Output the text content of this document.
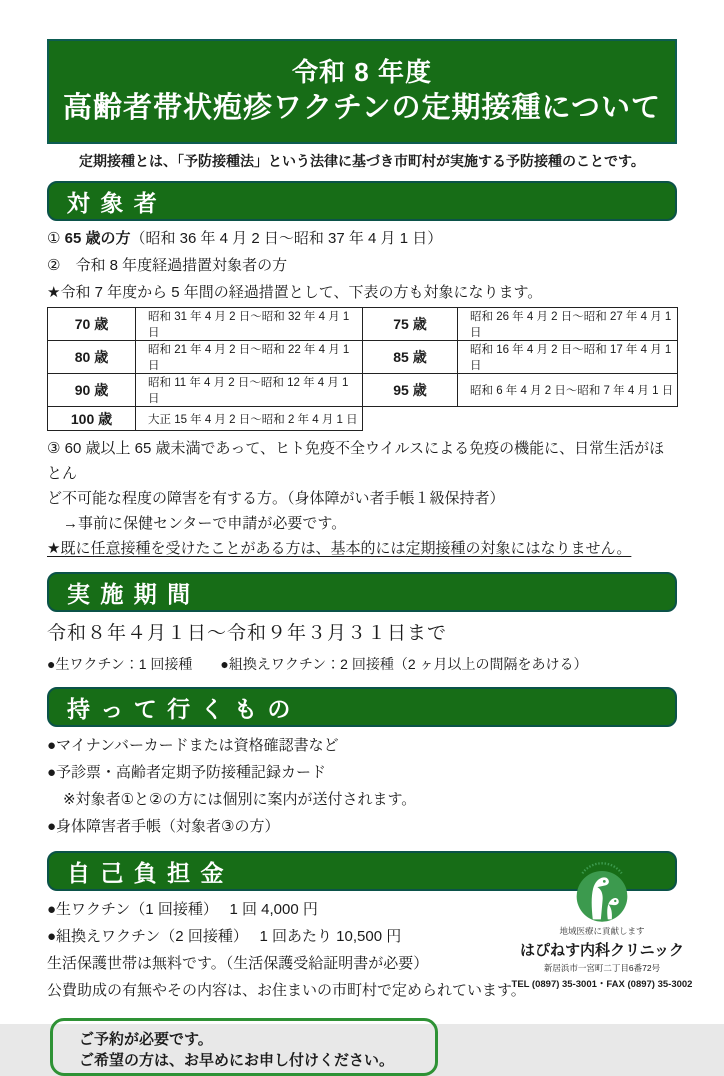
令和 8 年度
高齢者帯状疱疹ワクチンの定期接種について
定期接種とは、「予防接種法」という法律に基づき市町村が実施する予防接種のことです。
対 象 者
① 65 歳の方（昭和 36 年 4 月 2 日～昭和 37 年 4 月 1 日）
②　令和 8 年度経過措置対象者の方
★令和 7 年度から 5 年間の経過措置として、下表の方も対象になります。
70 歳	昭和 31 年 4 月 2 日～昭和 32 年 4 月 1 日	75 歳	昭和 26 年 4 月 2 日～昭和 27 年 4 月 1 日
80 歳	昭和 21 年 4 月 2 日～昭和 22 年 4 月 1 日	85 歳	昭和 16 年 4 月 2 日～昭和 17 年 4 月 1 日
90 歳	昭和 11 年 4 月 2 日～昭和 12 年 4 月 1 日	95 歳	昭和 6 年 4 月 2 日～昭和 7 年 4 月 1 日
100 歳	大正 15 年 4 月 2 日～昭和 2 年 4 月 1 日		
③ 60 歳以上 65 歳未満であって、ヒト免疫不全ウイルスによる免疫の機能に、日常生活がほとん
ど不可能な程度の障害を有する方。（身体障がい者手帳１級保持者）
→事前に保健センターで申請が必要です。
★既に任意接種を受けたことがある方は、基本的には定期接種の対象にはなりません。
実 施 期 間
令和８年４月１日～令和９年３月３１日まで
●生ワクチン：1 回接種　　●組換えワクチン：2 回接種（2 ヶ月以上の間隔をあける）
持 っ て 行 く も の
●マイナンバーカードまたは資格確認書など
●予診票・高齢者定期予防接種記録カード
※対象者①と②の方には個別に案内が送付されます。
●身体障害者手帳（対象者③の方）
自 己 負 担 金
●生ワクチン（1 回接種）　 1 回 4,000 円
●組換えワクチン（2 回接種）　 1 回あたり 10,500 円
生活保護世帯は無料です。（生活保護受給証明書が必要）
公費助成の有無やその内容は、お住まいの市町村で定められています。
ご予約が必要です。
ご希望の方は、お早めにお申し付けください。
地域医療に貢献します
はぴねす内科クリニック
新居浜市一宮町二丁目6番72号
TEL (0897) 35-3001・FAX (0897) 35-3002
